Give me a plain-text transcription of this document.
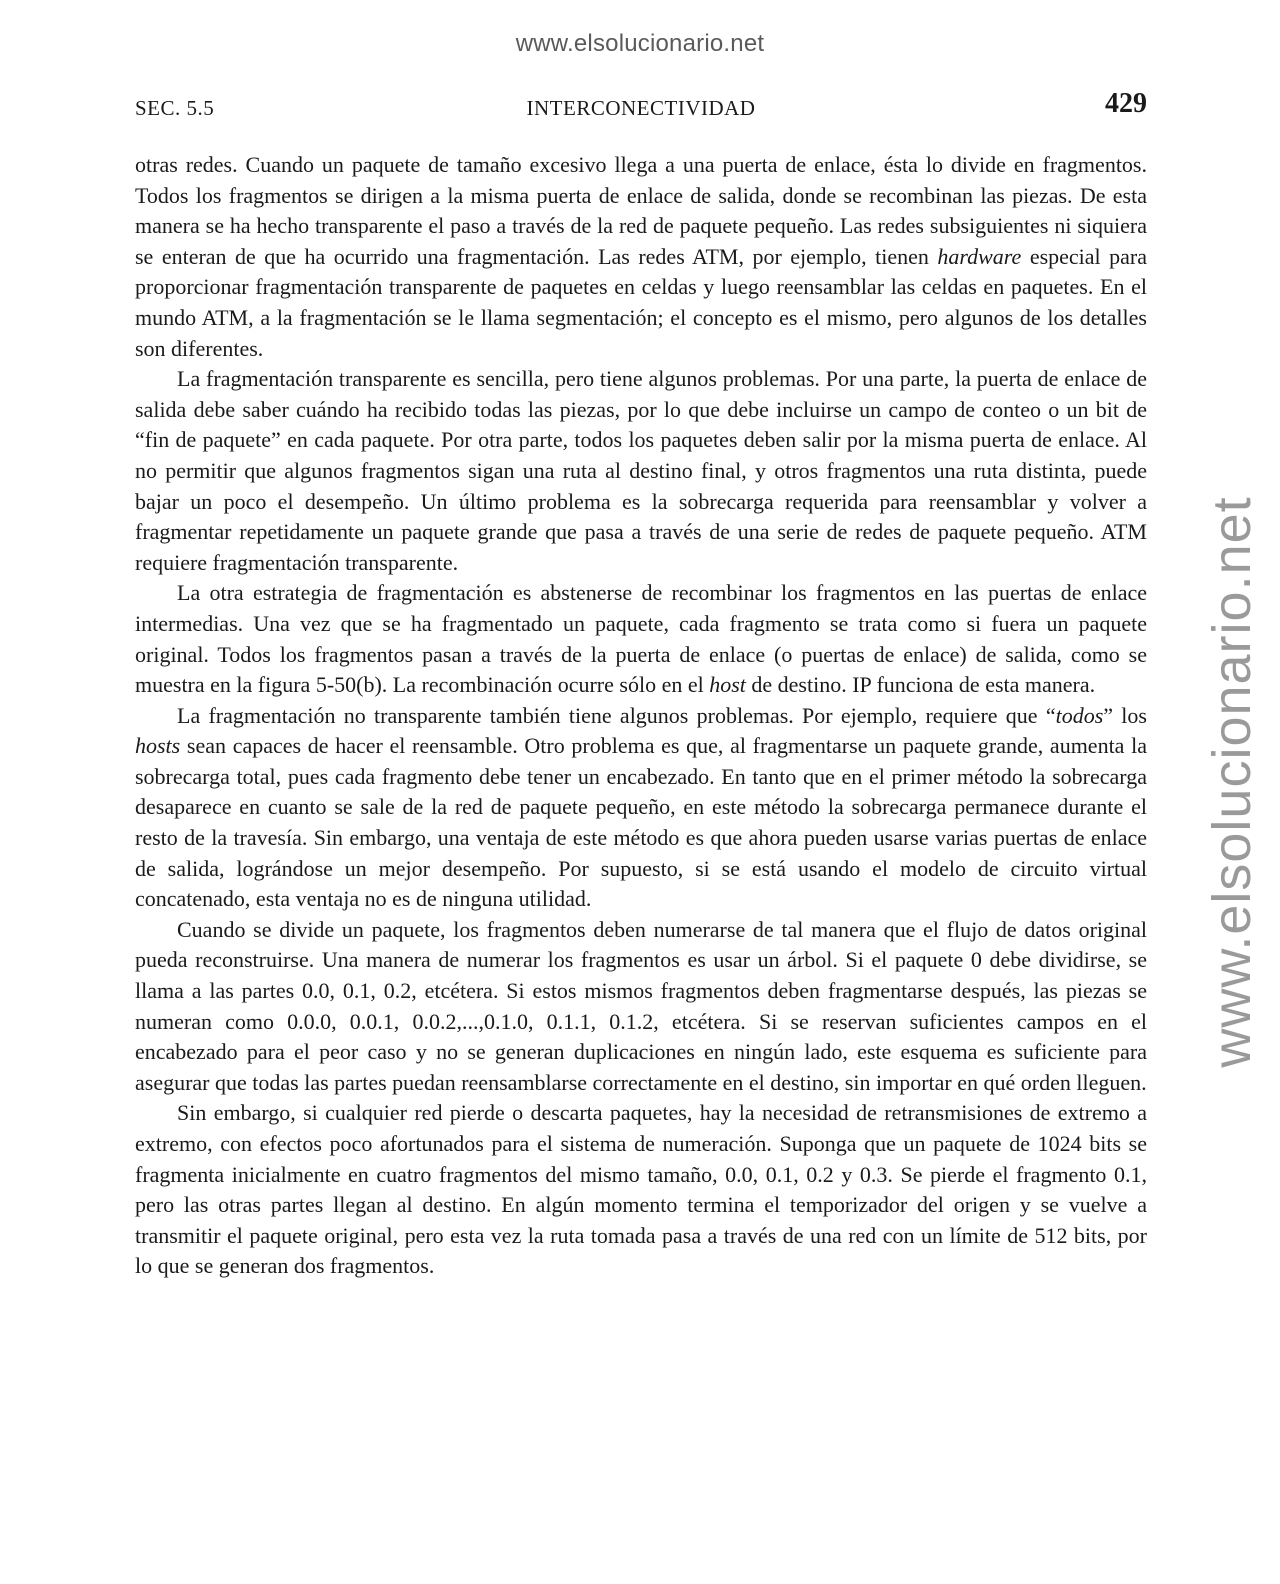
www.elsolucionario.net
www.elsolucionario.net
SEC. 5.5	INTERCONECTIVIDAD	429

otras redes. Cuando un paquete de tamaño excesivo llega a una puerta de enlace, ésta lo divide en fragmentos. Todos los fragmentos se dirigen a la misma puerta de enlace de salida, donde se recombinan las piezas. De esta manera se ha hecho transparente el paso a través de la red de paquete pequeño. Las redes subsiguientes ni siquiera se enteran de que ha ocurrido una fragmentación. Las redes ATM, por ejemplo, tienen hardware especial para proporcionar fragmentación transparente de paquetes en celdas y luego reensamblar las celdas en paquetes. En el mundo ATM, a la fragmentación se le llama segmentación; el concepto es el mismo, pero algunos de los detalles son diferentes.

La fragmentación transparente es sencilla, pero tiene algunos problemas. Por una parte, la puerta de enlace de salida debe saber cuándo ha recibido todas las piezas, por lo que debe incluirse un campo de conteo o un bit de “fin de paquete” en cada paquete. Por otra parte, todos los paquetes deben salir por la misma puerta de enlace. Al no permitir que algunos fragmentos sigan una ruta al destino final, y otros fragmentos una ruta distinta, puede bajar un poco el desempeño. Un último problema es la sobrecarga requerida para reensamblar y volver a fragmentar repetidamente un paquete grande que pasa a través de una serie de redes de paquete pequeño. ATM requiere fragmentación transparente.

La otra estrategia de fragmentación es abstenerse de recombinar los fragmentos en las puertas de enlace intermedias. Una vez que se ha fragmentado un paquete, cada fragmento se trata como si fuera un paquete original. Todos los fragmentos pasan a través de la puerta de enlace (o puertas de enlace) de salida, como se muestra en la figura 5-50(b). La recombinación ocurre sólo en el host de destino. IP funciona de esta manera.

La fragmentación no transparente también tiene algunos problemas. Por ejemplo, requiere que “todos” los hosts sean capaces de hacer el reensamble. Otro problema es que, al fragmentarse un paquete grande, aumenta la sobrecarga total, pues cada fragmento debe tener un encabezado. En tanto que en el primer método la sobrecarga desaparece en cuanto se sale de la red de paquete pequeño, en este método la sobrecarga permanece durante el resto de la travesía. Sin embargo, una ventaja de este método es que ahora pueden usarse varias puertas de enlace de salida, lográndose un mejor desempeño. Por supuesto, si se está usando el modelo de circuito virtual concatenado, esta ventaja no es de ninguna utilidad.

Cuando se divide un paquete, los fragmentos deben numerarse de tal manera que el flujo de datos original pueda reconstruirse. Una manera de numerar los fragmentos es usar un árbol. Si el paquete 0 debe dividirse, se llama a las partes 0.0, 0.1, 0.2, etcétera. Si estos mismos fragmentos deben fragmentarse después, las piezas se numeran como 0.0.0, 0.0.1, 0.0.2,...,0.1.0, 0.1.1, 0.1.2, etcétera. Si se reservan suficientes campos en el encabezado para el peor caso y no se generan duplicaciones en ningún lado, este esquema es suficiente para asegurar que todas las partes puedan reensamblarse correctamente en el destino, sin importar en qué orden lleguen.

Sin embargo, si cualquier red pierde o descarta paquetes, hay la necesidad de retransmisiones de extremo a extremo, con efectos poco afortunados para el sistema de numeración. Suponga que un paquete de 1024 bits se fragmenta inicialmente en cuatro fragmentos del mismo tamaño, 0.0, 0.1, 0.2 y 0.3. Se pierde el fragmento 0.1, pero las otras partes llegan al destino. En algún momento termina el temporizador del origen y se vuelve a transmitir el paquete original, pero esta vez la ruta tomada pasa a través de una red con un límite de 512 bits, por lo que se generan dos fragmentos.
